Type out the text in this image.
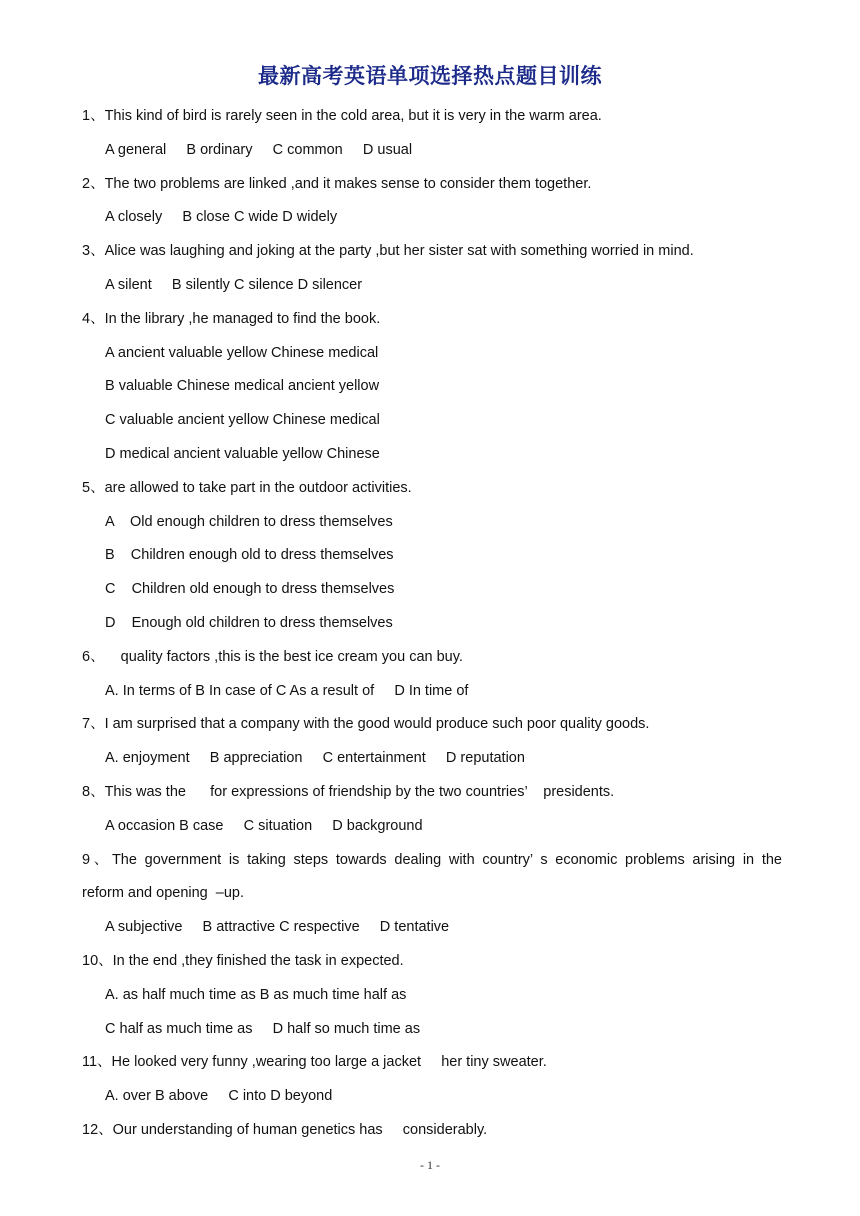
最新高考英语单项选择热点题目训练
1、This kind of bird is rarely seen in the cold area, but it is very in the warm area.
A general     B ordinary     C common     D usual
2、The two problems are linked ,and it makes sense to consider them together.
A closely     B close C wide D widely
3、Alice was laughing and joking at the party ,but her sister sat with something worried in mind.
A silent     B silently C silence D silencer
4、In the library ,he managed to find the book.
A ancient valuable yellow Chinese medical
B valuable Chinese medical ancient yellow
C valuable ancient yellow Chinese medical
D medical ancient valuable yellow Chinese
5、are allowed to take part in the outdoor activities.
A    Old enough children to dress themselves
B    Children enough old to dress themselves
C    Children old enough to dress themselves
D    Enough old children to dress themselves
6、    quality factors ,this is the best ice cream you can buy.
A. In terms of B In case of C As a result of     D In time of
7、I am surprised that a company with the good would produce such poor quality goods.
A. enjoyment     B appreciation     C entertainment     D reputation
8、This was the      for expressions of friendship by the two countries’    presidents.
A occasion B case     C situation     D background
9、The government is taking steps towards dealing with country’ s economic problems arising in the
reform and opening  –up.
A subjective     B attractive C respective     D tentative
10、In the end ,they finished the task in expected.
A. as half much time as B as much time half as
C half as much time as     D half so much time as
11、He looked very funny ,wearing too large a jacket     her tiny sweater.
A. over B above     C into D beyond
12、Our understanding of human genetics has     considerably.
- 1 -
